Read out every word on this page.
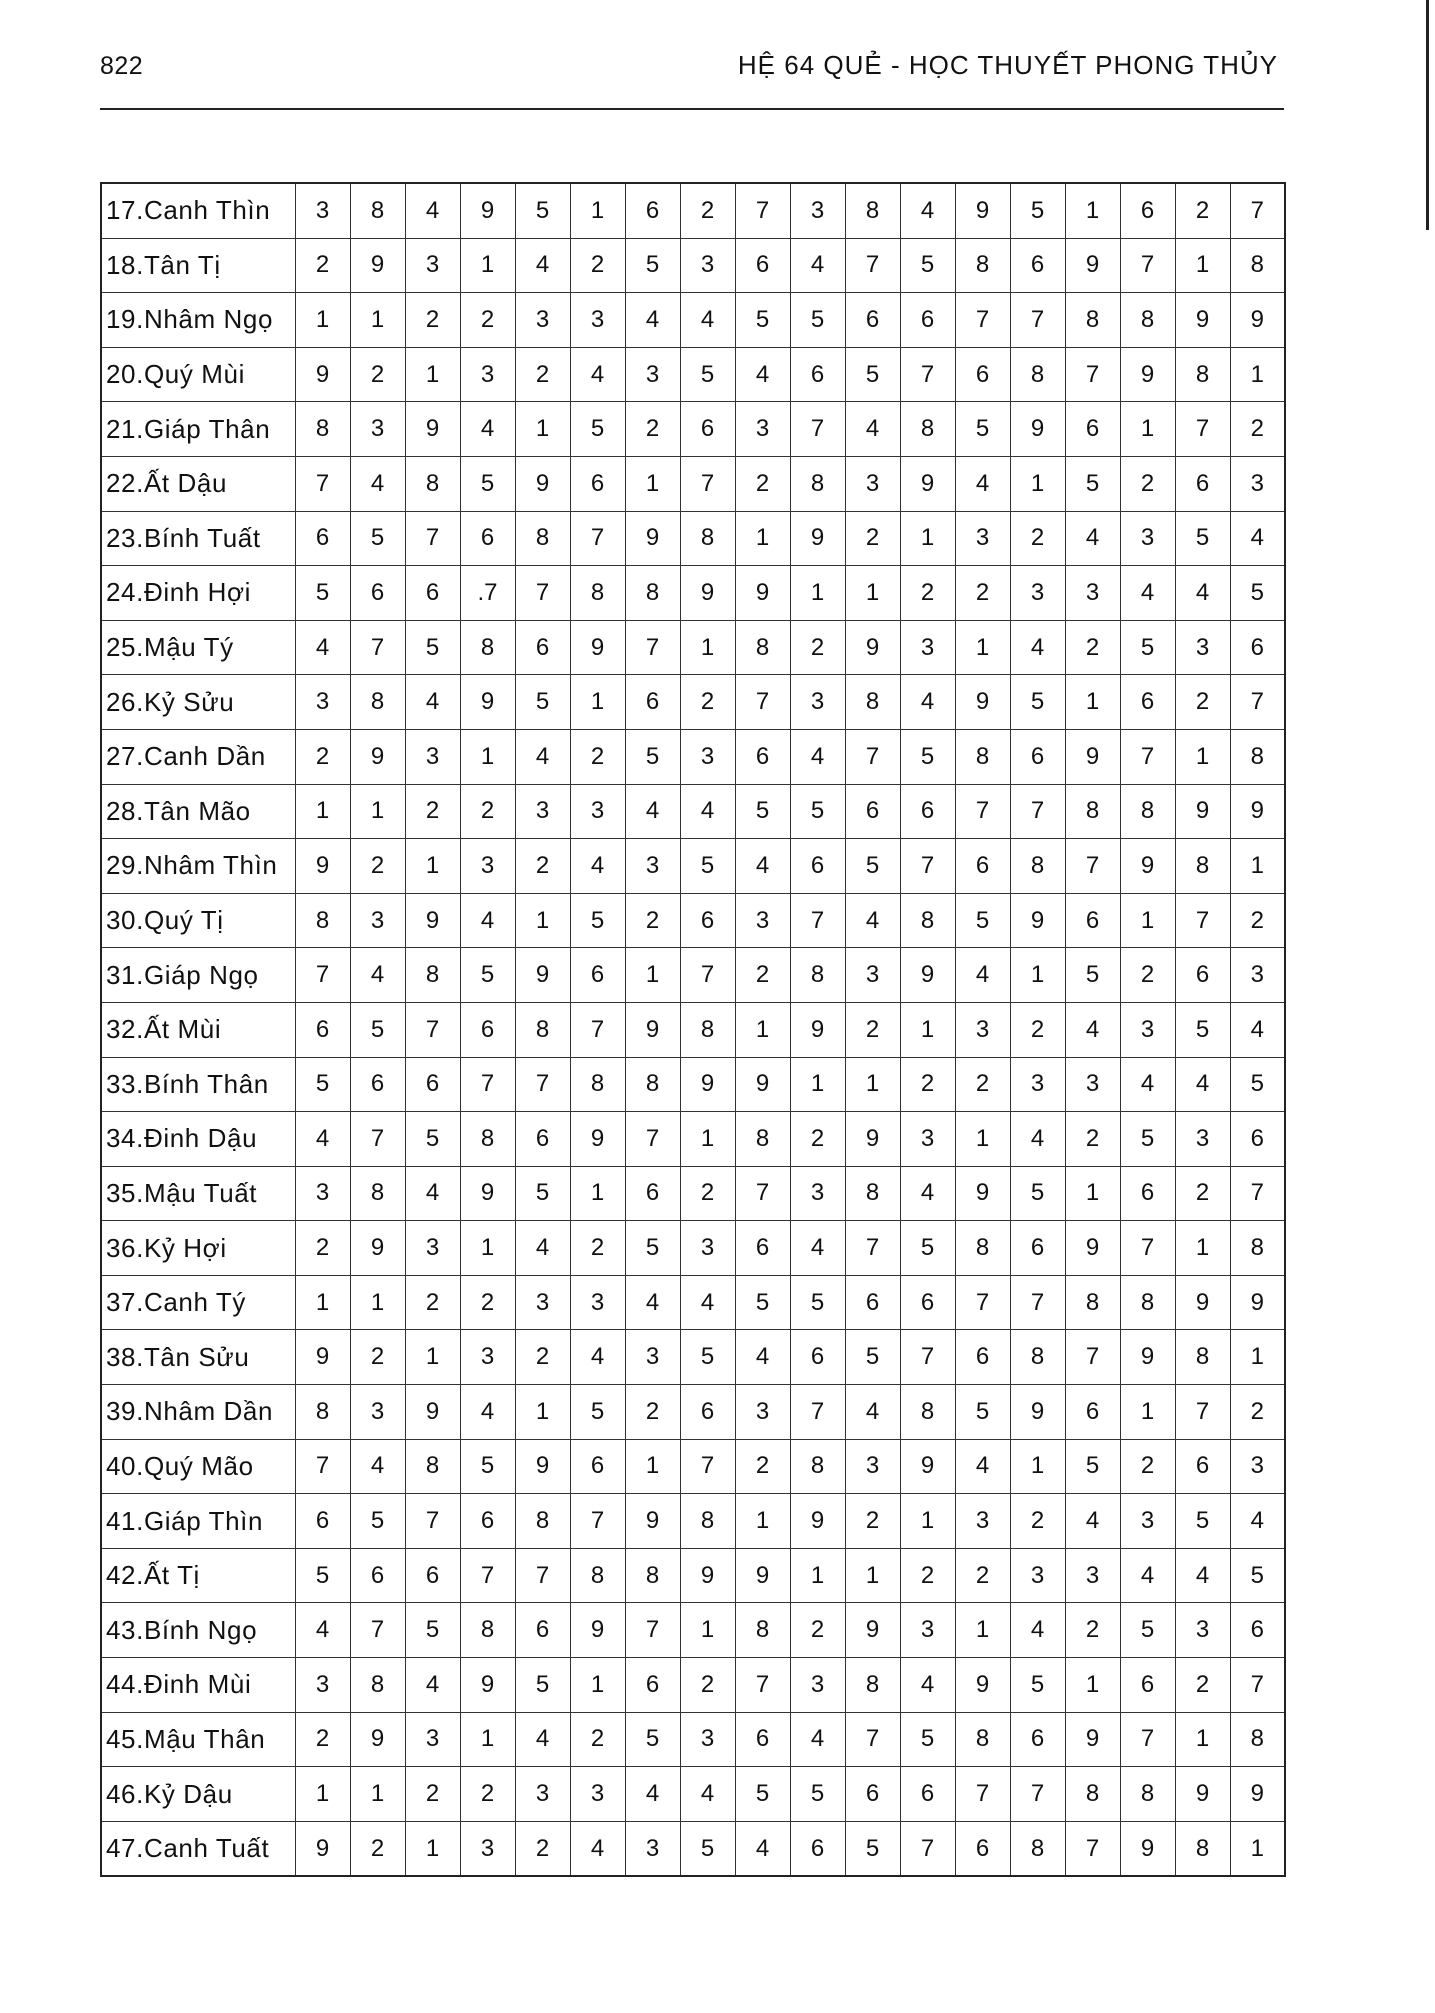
822	HỆ 64 QUẺ - HỌC THUYẾT PHONG THỦY
17.Canh Thìn	3	8	4	9	5	1	6	2	7	3	8	4	9	5	1	6	2	7
18.Tân Tị	2	9	3	1	4	2	5	3	6	4	7	5	8	6	9	7	1	8
19.Nhâm Ngọ	1	1	2	2	3	3	4	4	5	5	6	6	7	7	8	8	9	9
20.Quý Mùi	9	2	1	3	2	4	3	5	4	6	5	7	6	8	7	9	8	1
21.Giáp Thân	8	3	9	4	1	5	2	6	3	7	4	8	5	9	6	1	7	2
22.Ất Dậu	7	4	8	5	9	6	1	7	2	8	3	9	4	1	5	2	6	3
23.Bính Tuất	6	5	7	6	8	7	9	8	1	9	2	1	3	2	4	3	5	4
24.Đinh Hợi	5	6	6	.7	7	8	8	9	9	1	1	2	2	3	3	4	4	5
25.Mậu Tý	4	7	5	8	6	9	7	1	8	2	9	3	1	4	2	5	3	6
26.Kỷ Sửu	3	8	4	9	5	1	6	2	7	3	8	4	9	5	1	6	2	7
27.Canh Dần	2	9	3	1	4	2	5	3	6	4	7	5	8	6	9	7	1	8
28.Tân Mão	1	1	2	2	3	3	4	4	5	5	6	6	7	7	8	8	9	9
29.Nhâm Thìn	9	2	1	3	2	4	3	5	4	6	5	7	6	8	7	9	8	1
30.Quý Tị	8	3	9	4	1	5	2	6	3	7	4	8	5	9	6	1	7	2
31.Giáp Ngọ	7	4	8	5	9	6	1	7	2	8	3	9	4	1	5	2	6	3
32.Ất Mùi	6	5	7	6	8	7	9	8	1	9	2	1	3	2	4	3	5	4
33.Bính Thân	5	6	6	7	7	8	8	9	9	1	1	2	2	3	3	4	4	5
34.Đinh Dậu	4	7	5	8	6	9	7	1	8	2	9	3	1	4	2	5	3	6
35.Mậu Tuất	3	8	4	9	5	1	6	2	7	3	8	4	9	5	1	6	2	7
36.Kỷ Hợi	2	9	3	1	4	2	5	3	6	4	7	5	8	6	9	7	1	8
37.Canh Tý	1	1	2	2	3	3	4	4	5	5	6	6	7	7	8	8	9	9
38.Tân Sửu	9	2	1	3	2	4	3	5	4	6	5	7	6	8	7	9	8	1
39.Nhâm Dần	8	3	9	4	1	5	2	6	3	7	4	8	5	9	6	1	7	2
40.Quý Mão	7	4	8	5	9	6	1	7	2	8	3	9	4	1	5	2	6	3
41.Giáp Thìn	6	5	7	6	8	7	9	8	1	9	2	1	3	2	4	3	5	4
42.Ất Tị	5	6	6	7	7	8	8	9	9	1	1	2	2	3	3	4	4	5
43.Bính Ngọ	4	7	5	8	6	9	7	1	8	2	9	3	1	4	2	5	3	6
44.Đinh Mùi	3	8	4	9	5	1	6	2	7	3	8	4	9	5	1	6	2	7
45.Mậu Thân	2	9	3	1	4	2	5	3	6	4	7	5	8	6	9	7	1	8
46.Kỷ Dậu	1	1	2	2	3	3	4	4	5	5	6	6	7	7	8	8	9	9
47.Canh Tuất	9	2	1	3	2	4	3	5	4	6	5	7	6	8	7	9	8	1
